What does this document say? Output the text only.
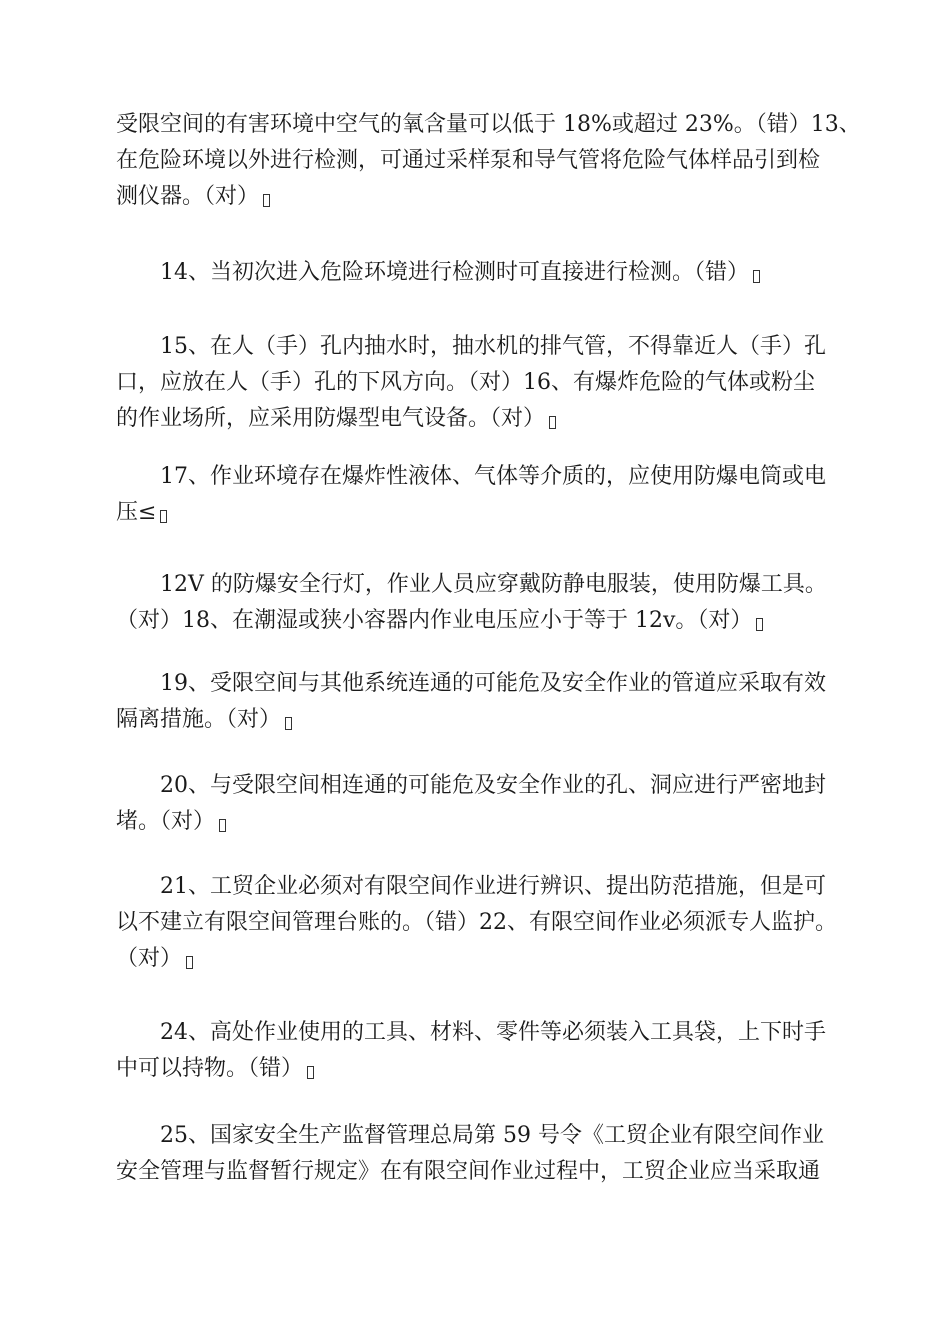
受限空间的有害环境中空气的氧含量可以低于 18%或超过 23%。（错）13、
在危险环境以外进行检测，可通过采样泵和导气管将危险气体样品引到检
测仪器。（对）

　　14、当初次进入危险环境进行检测时可直接进行检测。（错）

　　15、在人（手）孔内抽水时，抽水机的排气管，不得靠近人（手）孔
口，应放在人（手）孔的下风方向。（对）16、有爆炸危险的气体或粉尘
的作业场所，应采用防爆型电气设备。（对）

　　17、作业环境存在爆炸性液体、气体等介质的，应使用防爆电筒或电
压≤

　　12V 的防爆安全行灯，作业人员应穿戴防静电服装，使用防爆工具。
（对）18、在潮湿或狭小容器内作业电压应小于等于 12v。（对）

　　19、受限空间与其他系统连通的可能危及安全作业的管道应采取有效
隔离措施。（对）

　　20、与受限空间相连通的可能危及安全作业的孔、洞应进行严密地封
堵。（对）

　　21、工贸企业必须对有限空间作业进行辨识、提出防范措施，但是可
以不建立有限空间管理台账的。（错）22、有限空间作业必须派专人监护。
（对）

　　24、高处作业使用的工具、材料、零件等必须装入工具袋，上下时手
中可以持物。（错）

　　25、国家安全生产监督管理总局第 59 号令《工贸企业有限空间作业
安全管理与监督暂行规定》在有限空间作业过程中，工贸企业应当采取通
